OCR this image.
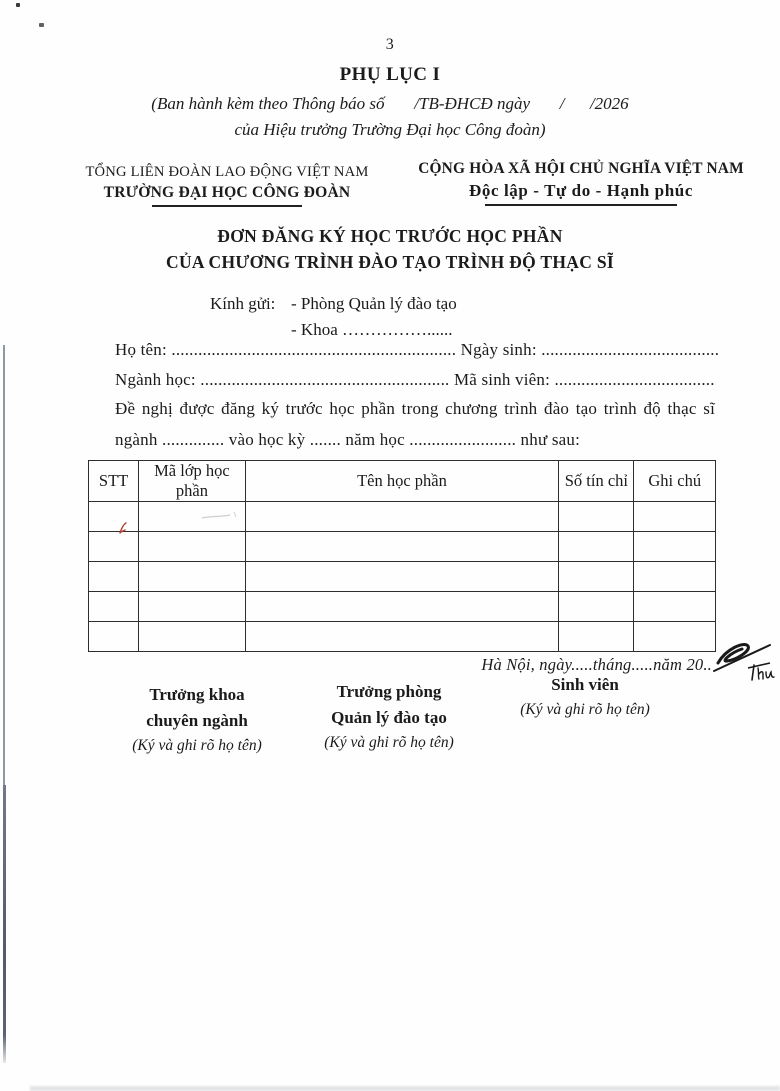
3
PHỤ LỤC I
(Ban hành kèm theo Thông báo số       /TB-ĐHCĐ ngày       /      /2026
của Hiệu trưởng Trường Đại học Công đoàn)
TỔNG LIÊN ĐOÀN LAO ĐỘNG VIỆT NAM
TRƯỜNG ĐẠI HỌC CÔNG ĐOÀN
CỘNG HÒA XÃ HỘI CHỦ NGHĨA VIỆT NAM
Độc lập - Tự do - Hạnh phúc
ĐƠN ĐĂNG KÝ HỌC TRƯỚC HỌC PHẦN
CỦA CHƯƠNG TRÌNH ĐÀO TẠO TRÌNH ĐỘ THẠC SĨ
Kính gửi: - Phòng Quản lý đào tạo
- Khoa ……………......
Họ tên: ................................................................ Ngày sinh: ........................................
Ngành học: ........................................................ Mã sinh viên: ....................................
Đề nghị được đăng ký trước học phần trong chương trình đào tạo trình độ thạc sĩ
ngành .............. vào học kỳ ....... năm học ........................ như sau:
STT	Mã lớp học phần	Tên học phần	Số tín chỉ	Ghi chú

Hà Nội, ngày.....tháng.....năm 20..
Trưởng khoa
chuyên ngành
(Ký và ghi rõ họ tên)
Trưởng phòng
Quản lý đào tạo
(Ký và ghi rõ họ tên)
Sinh viên
(Ký và ghi rõ họ tên)
